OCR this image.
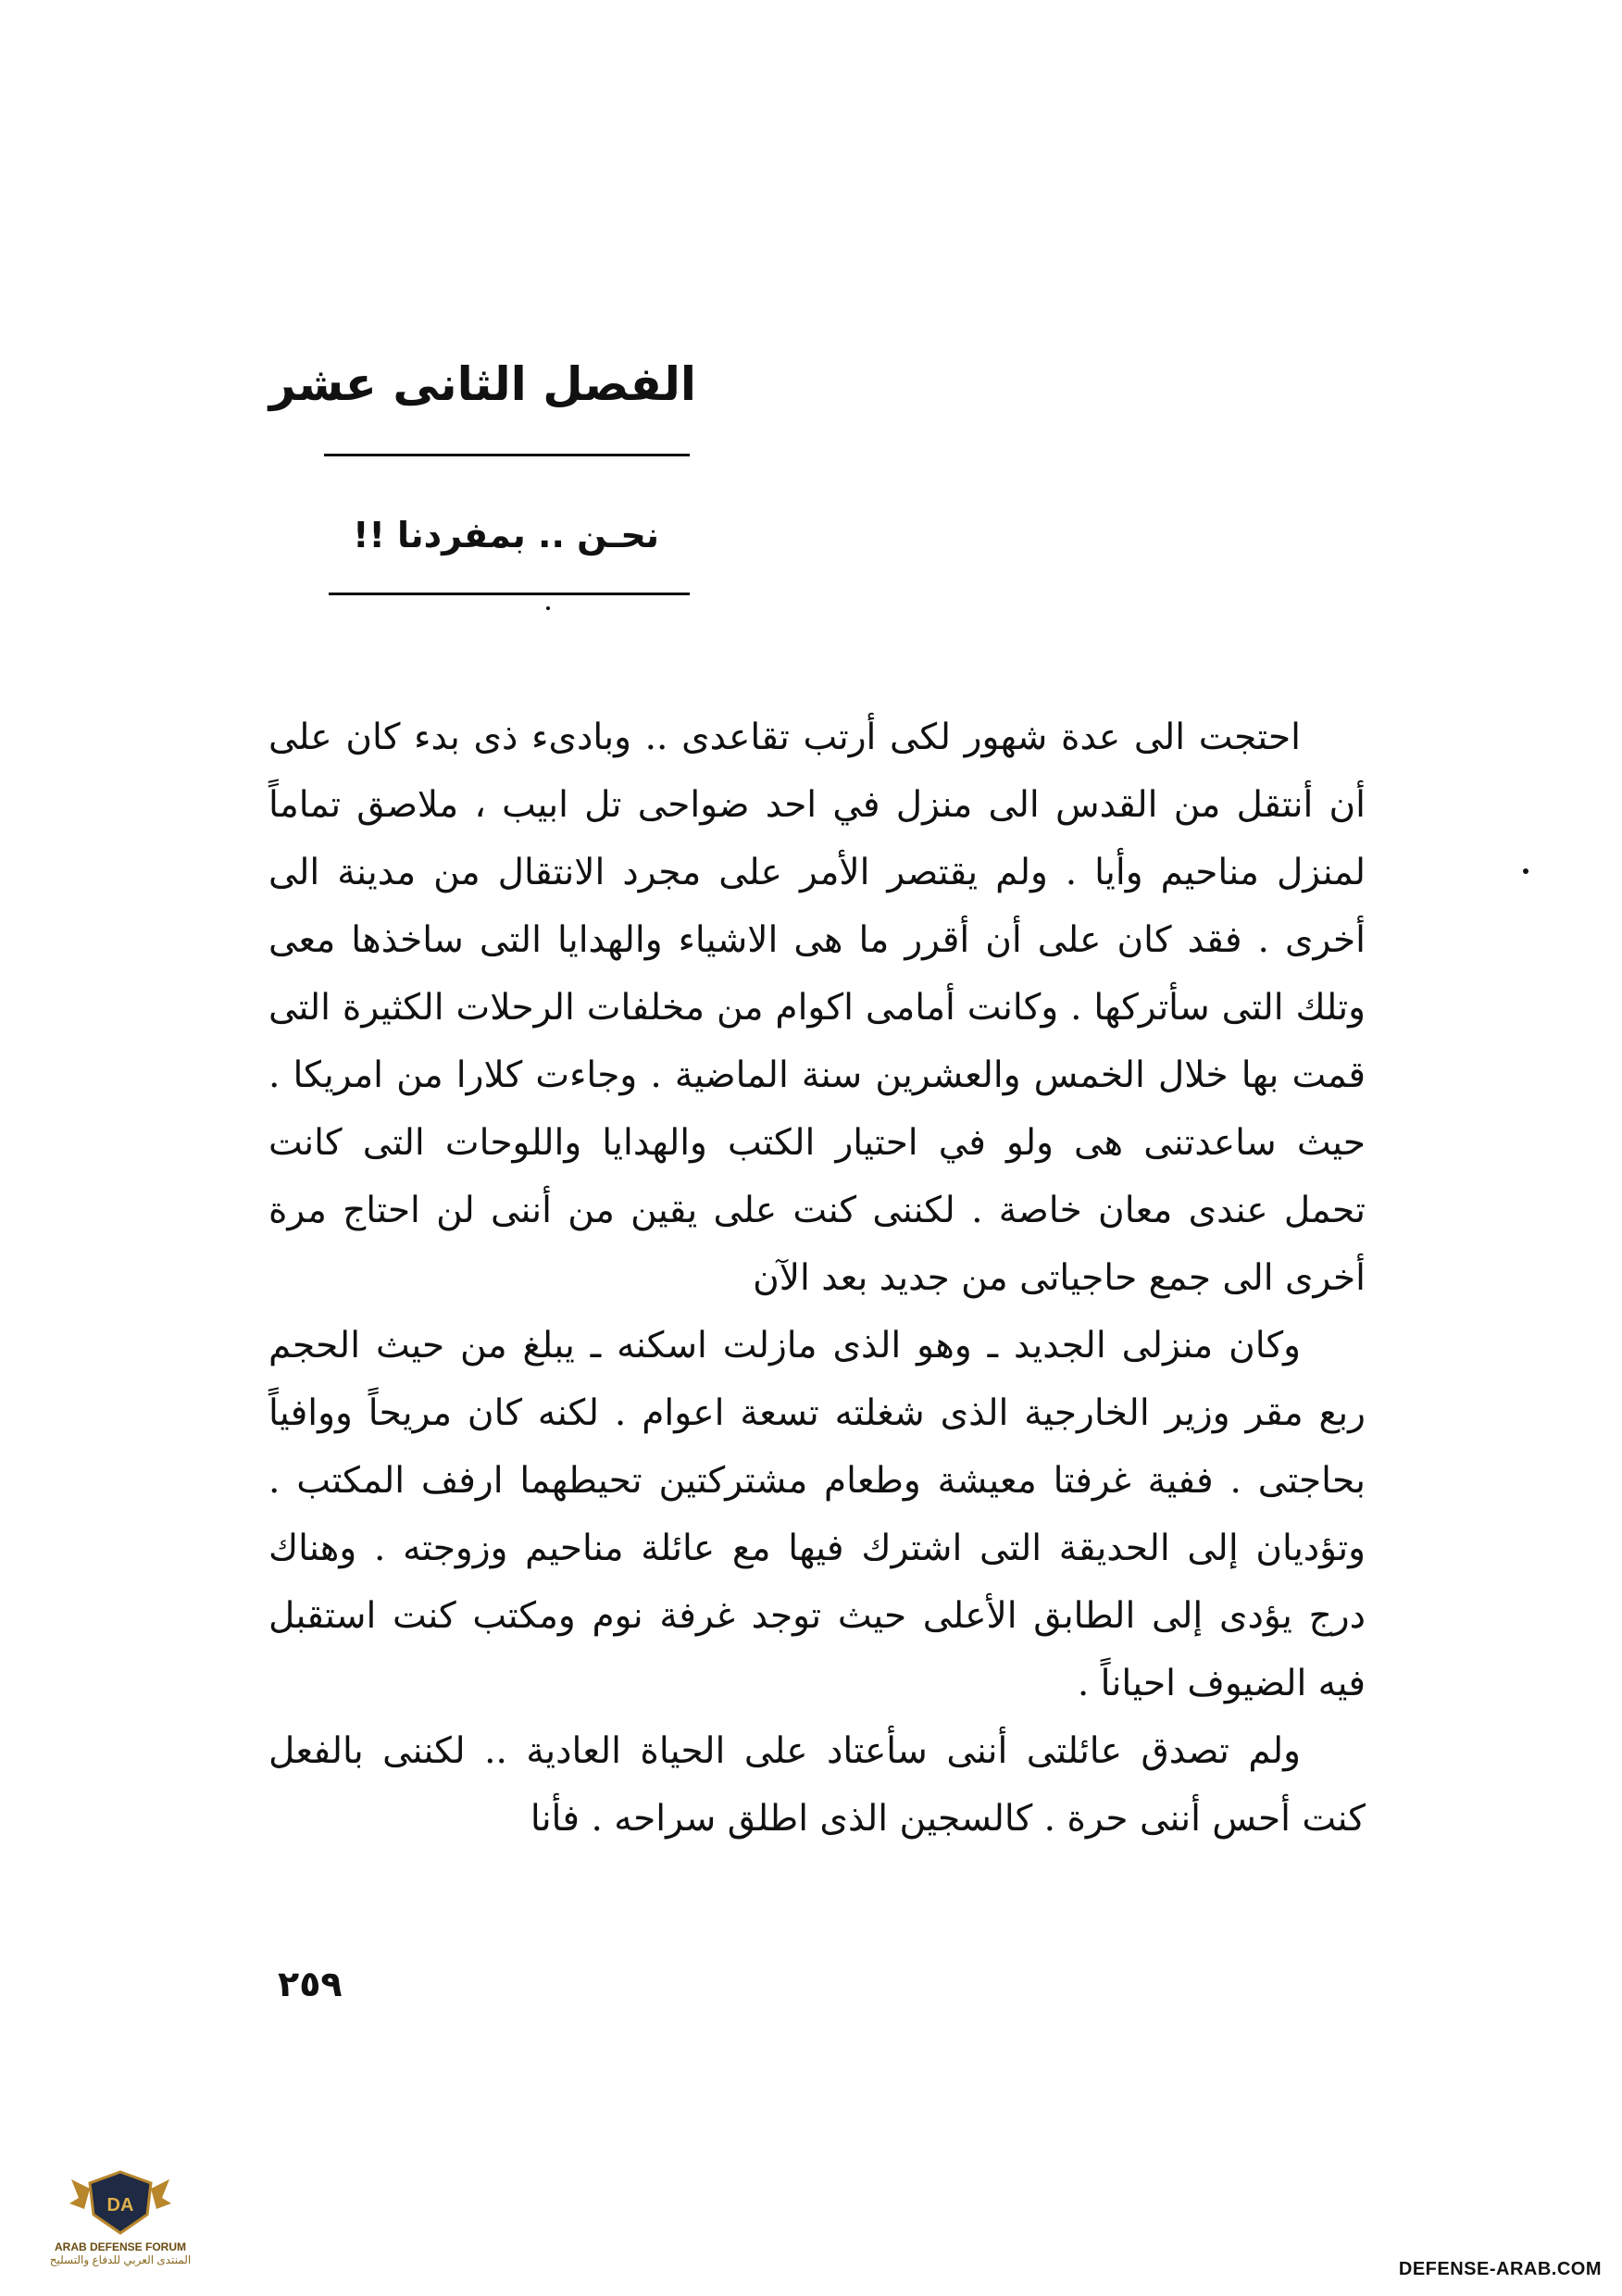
الفصل الثانى عشر
نحـن .. بمفردنا !!

احتجت الى عدة شهور لكى أرتب تقاعدى .. وبادىء ذى بدء كان على أن أنتقل من القدس الى منزل في احد ضواحى تل ابيب ، ملاصق تماماً لمنزل مناحيم وأيا . ولم يقتصر الأمر على مجرد الانتقال من مدينة الى أخرى . فقد كان على أن أقرر ما هى الاشياء والهدايا التى ساخذها معى وتلك التى سأتركها . وكانت أمامى اكوام من مخلفات الرحلات الكثيرة التى قمت بها خلال الخمس والعشرين سنة الماضية . وجاءت كلارا من امريكا . حيث ساعدتنى هى ولو في احتيار الكتب والهدايا واللوحات التى كانت تحمل عندى معان خاصة . لكننى كنت على يقين من أننى لن احتاج مرة أخرى الى جمع حاجياتى من جديد بعد الآن

وكان منزلى الجديد ـ وهو الذى مازلت اسكنه ـ يبلغ من حيث الحجم ربع مقر وزير الخارجية الذى شغلته تسعة اعوام . لكنه كان مريحاً ووافياً بحاجتى . ففية غرفتا معيشة وطعام مشتركتين تحيطهما ارفف المكتب . وتؤديان إلى الحديقة التى اشترك فيها مع عائلة مناحيم وزوجته . وهناك درج يؤدى إلى الطابق الأعلى حيث توجد غرفة نوم ومكتب كنت استقبل فيه الضيوف احياناً .

ولم تصدق عائلتى أننى سأعتاد على الحياة العادية .. لكننى بالفعل كنت أحس أننى حرة . كالسجين الذى اطلق سراحه . فأنا

٢٥٩
DA
ARAB DEFENSE FORUM
المنتدى العربي للدفاع والتسليح	DEFENSE-ARAB.COM
